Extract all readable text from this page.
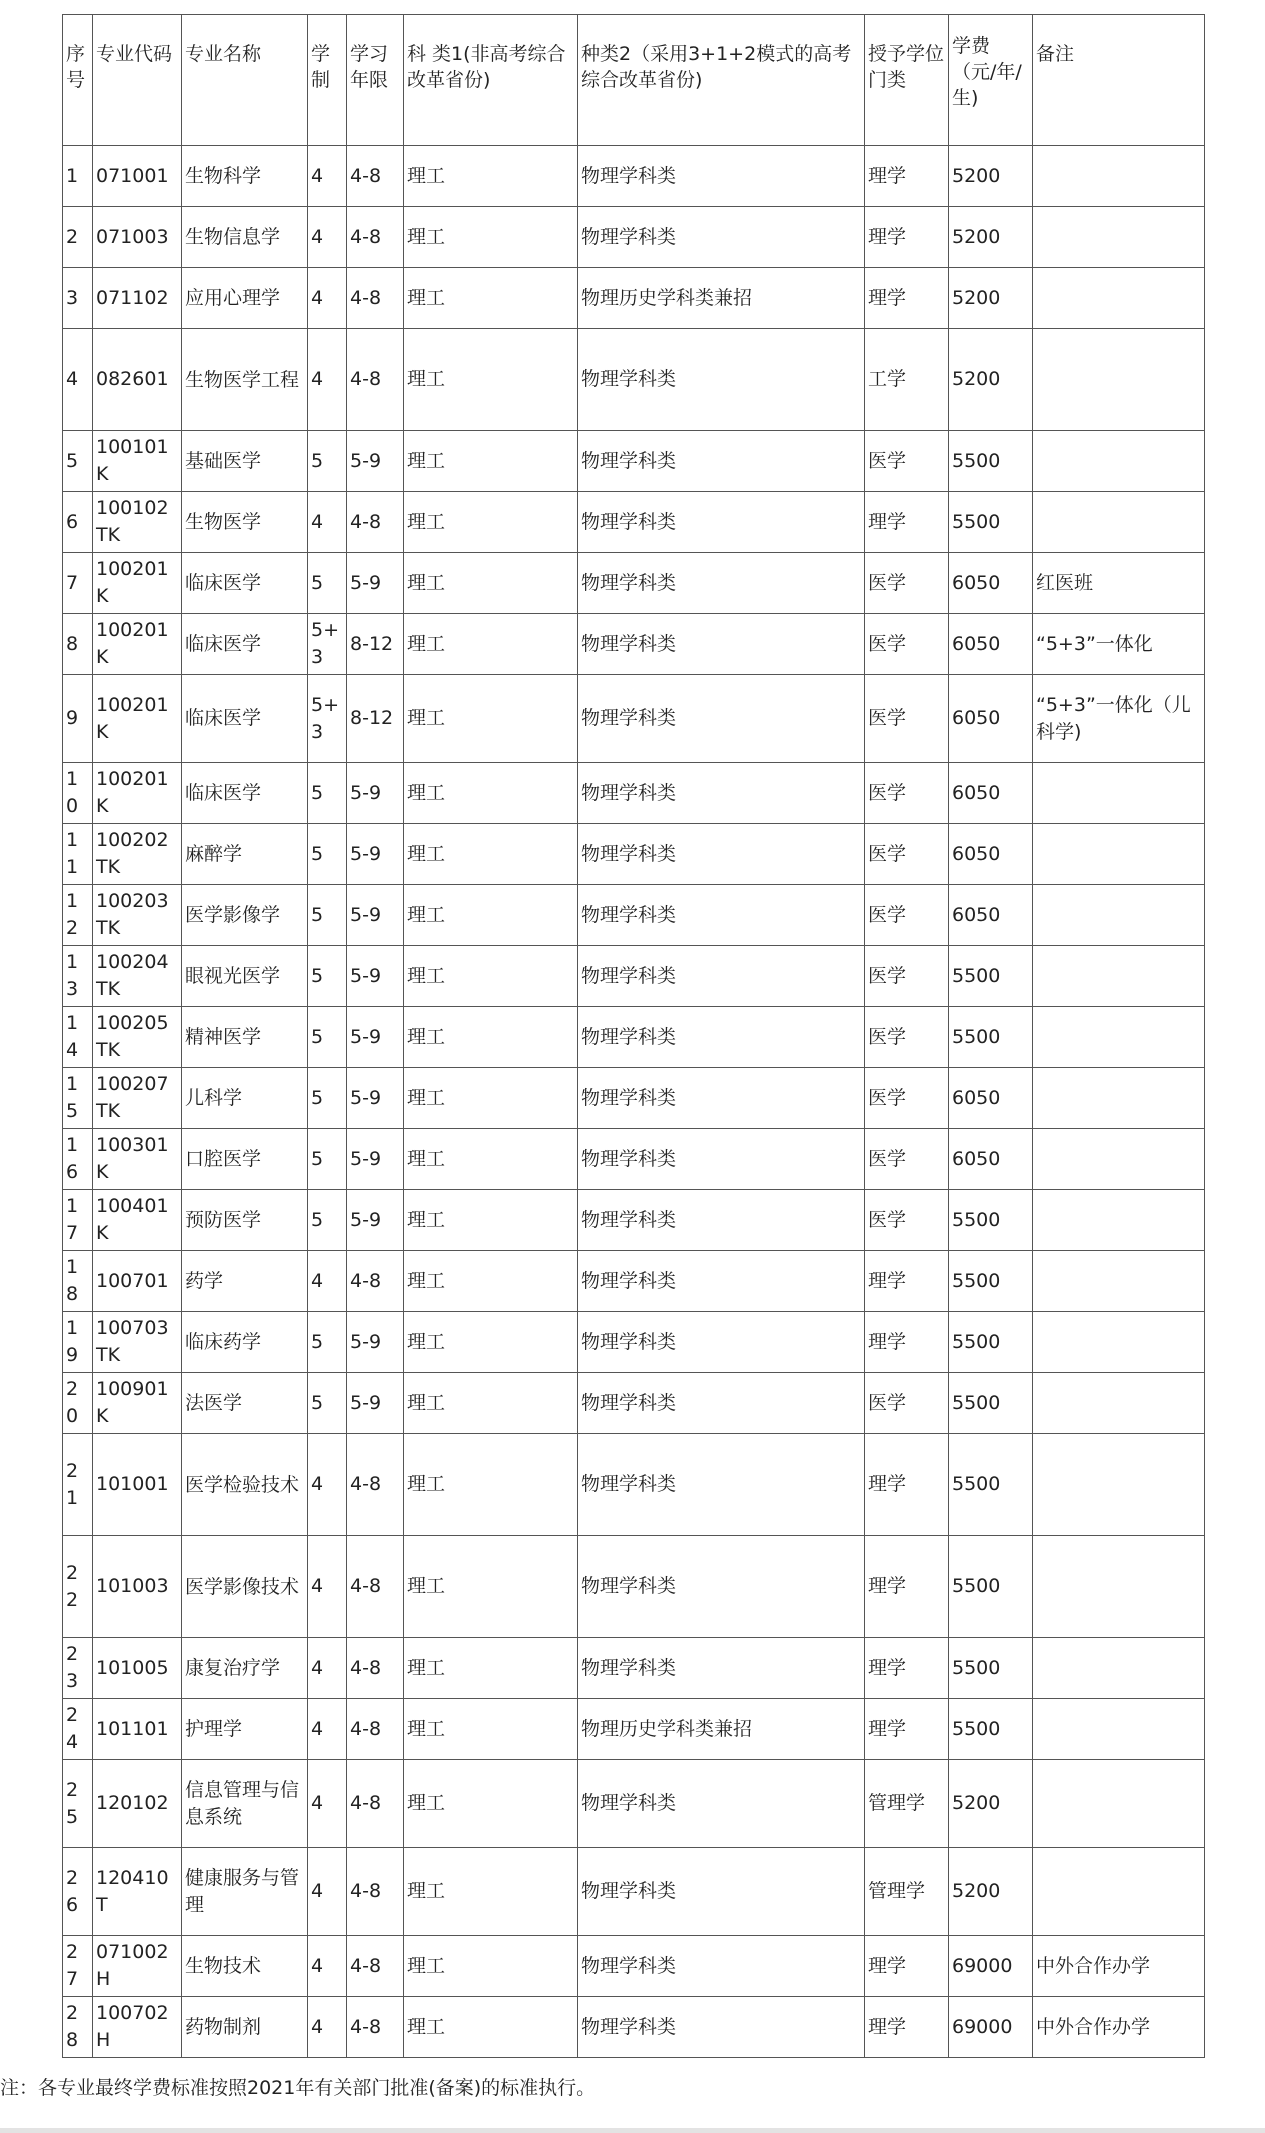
序号	专业代码	专业名称	学制	学习年限	科 类1(非高考综合改革省份)	种类2（采用3+1+2模式的高考综合改革省份)	授予学位门类	学费（元/年/生)	备注
1	071001	生物科学	4	4-8	理工	物理学科类	理学	5200	
2	071003	生物信息学	4	4-8	理工	物理学科类	理学	5200	
3	071102	应用心理学	4	4-8	理工	物理历史学科类兼招	理学	5200	
4	082601	生物医学工程	4	4-8	理工	物理学科类	工学	5200	
5	100101K	基础医学	5	5-9	理工	物理学科类	医学	5500	
6	100102TK	生物医学	4	4-8	理工	物理学科类	理学	5500	
7	100201K	临床医学	5	5-9	理工	物理学科类	医学	6050	红医班
8	100201K	临床医学	5+3	8-12	理工	物理学科类	医学	6050	“5+3”一体化
9	100201K	临床医学	5+3	8-12	理工	物理学科类	医学	6050	“5+3”一体化（儿科学)
10	100201K	临床医学	5	5-9	理工	物理学科类	医学	6050	
11	100202TK	麻醉学	5	5-9	理工	物理学科类	医学	6050	
12	100203TK	医学影像学	5	5-9	理工	物理学科类	医学	6050	
13	100204TK	眼视光医学	5	5-9	理工	物理学科类	医学	5500	
14	100205TK	精神医学	5	5-9	理工	物理学科类	医学	5500	
15	100207TK	儿科学	5	5-9	理工	物理学科类	医学	6050	
16	100301K	口腔医学	5	5-9	理工	物理学科类	医学	6050	
17	100401K	预防医学	5	5-9	理工	物理学科类	医学	5500	
18	100701	药学	4	4-8	理工	物理学科类	理学	5500	
19	100703TK	临床药学	5	5-9	理工	物理学科类	理学	5500	
20	100901K	法医学	5	5-9	理工	物理学科类	医学	5500	
21	101001	医学检验技术	4	4-8	理工	物理学科类	理学	5500	
22	101003	医学影像技术	4	4-8	理工	物理学科类	理学	5500	
23	101005	康复治疗学	4	4-8	理工	物理学科类	理学	5500	
24	101101	护理学	4	4-8	理工	物理历史学科类兼招	理学	5500	
25	120102	信息管理与信息系统	4	4-8	理工	物理学科类	管理学	5200	
26	120410T	健康服务与管理	4	4-8	理工	物理学科类	管理学	5200	
27	071002H	生物技术	4	4-8	理工	物理学科类	理学	69000	中外合作办学
28	100702H	药物制剂	4	4-8	理工	物理学科类	理学	69000	中外合作办学
注：各专业最终学费标准按照2021年有关部门批准(备案)的标准执行。
